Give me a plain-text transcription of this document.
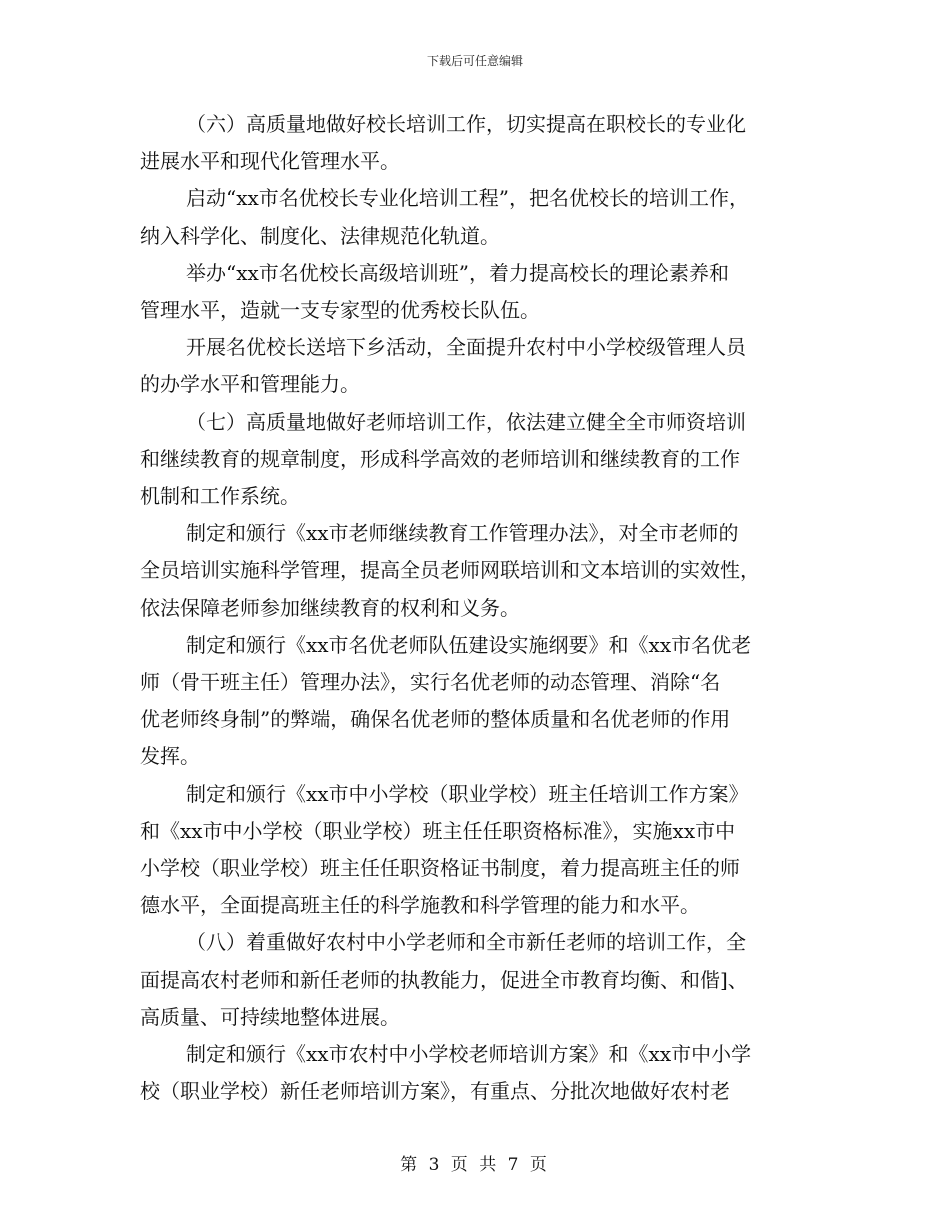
下载后可任意编辑
（六）高质量地做好校长培训工作，切实提高在职校长的专业化
进展水平和现代化管理水平。
启动“xx市名优校长专业化培训工程”，把名优校长的培训工作，
纳入科学化、制度化、法律规范化轨道。
举办“xx市名优校长高级培训班”，着力提高校长的理论素养和
管理水平，造就一支专家型的优秀校长队伍。
开展名优校长送培下乡活动，全面提升农村中小学校级管理人员
的办学水平和管理能力。
（七）高质量地做好老师培训工作，依法建立健全全市师资培训
和继续教育的规章制度，形成科学高效的老师培训和继续教育的工作
机制和工作系统。
制定和颁行《xx市老师继续教育工作管理办法》，对全市老师的
全员培训实施科学管理，提高全员老师网联培训和文本培训的实效性，
依法保障老师参加继续教育的权利和义务。
制定和颁行《xx市名优老师队伍建设实施纲要》和《xx市名优老
师（骨干班主任）管理办法》，实行名优老师的动态管理、消除“名
优老师终身制”的弊端，确保名优老师的整体质量和名优老师的作用
发挥。
制定和颁行《xx市中小学校（职业学校）班主任培训工作方案》
和《xx市中小学校（职业学校）班主任任职资格标准》，实施xx市中
小学校（职业学校）班主任任职资格证书制度，着力提高班主任的师
德水平，全面提高班主任的科学施教和科学管理的能力和水平。
（八）着重做好农村中小学老师和全市新任老师的培训工作，全
面提高农村老师和新任老师的执教能力，促进全市教育均衡、和偕]、
高质量、可持续地整体进展。
制定和颁行《xx市农村中小学校老师培训方案》和《xx市中小学
校（职业学校）新任老师培训方案》，有重点、分批次地做好农村老
第 3 页 共 7 页
